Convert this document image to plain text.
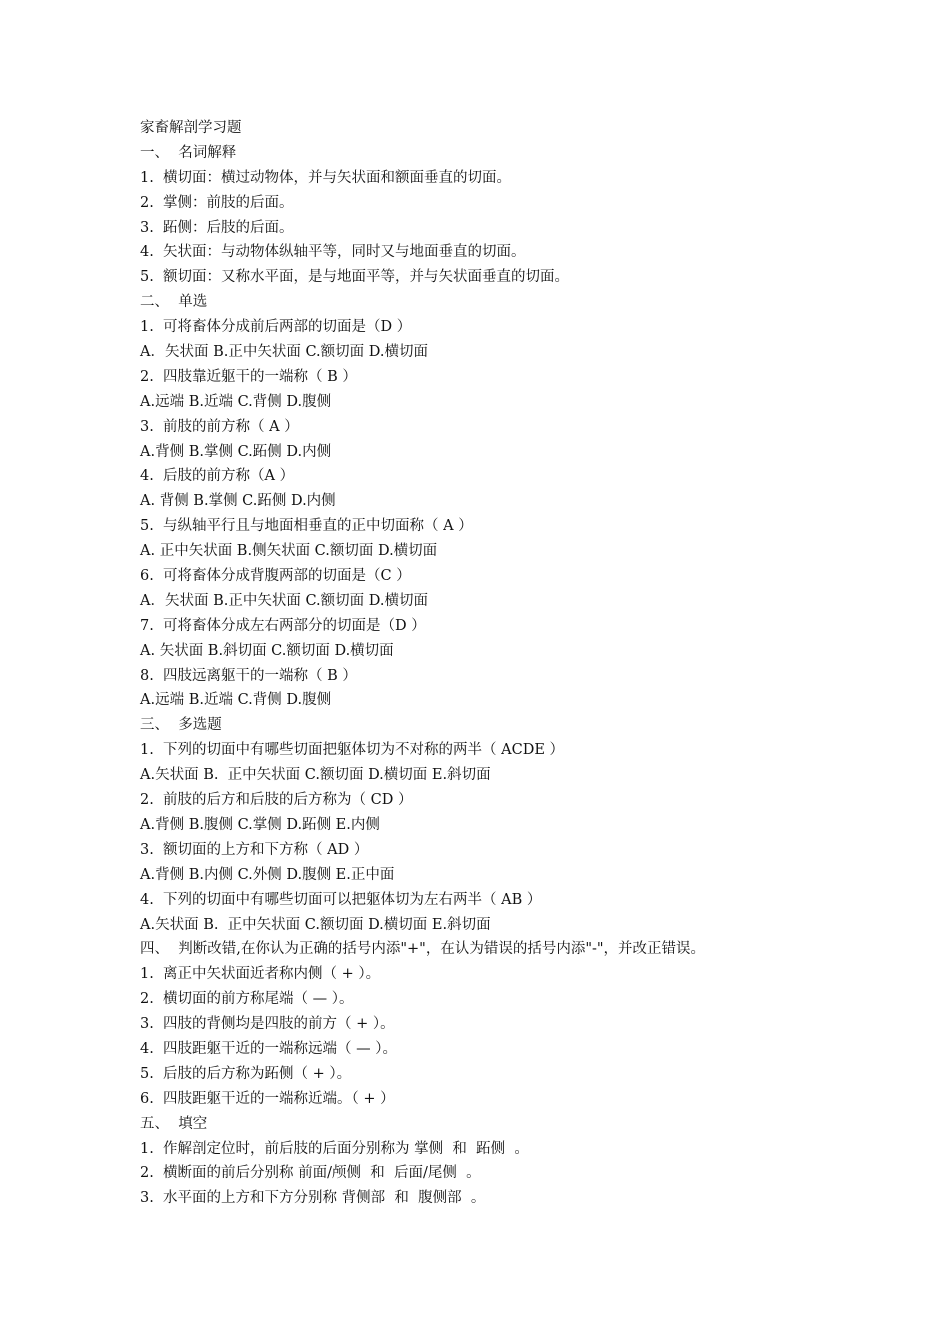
家畜解剖学习题
一、  名词解释
1.  横切面：横过动物体，并与矢状面和额面垂直的切面。
2.  掌侧：前肢的后面。
3.  跖侧：后肢的后面。
4.  矢状面：与动物体纵轴平等，同时又与地面垂直的切面。
5.  额切面：又称水平面，是与地面平等，并与矢状面垂直的切面。
二、  单选
1.  可将畜体分成前后两部的切面是（D ）
A．矢状面 B.正中矢状面 C.额切面 D.横切面
2.  四肢靠近躯干的一端称（ B ）
A.远端 B.近端 C.背侧 D.腹侧
3.  前肢的前方称（ A ）
A.背侧 B.掌侧 C.跖侧 D.内侧
4.  后肢的前方称（A ）
A. 背侧 B.掌侧 C.跖侧 D.内侧
5.  与纵轴平行且与地面相垂直的正中切面称（ A ）
A. 正中矢状面 B.侧矢状面 C.额切面 D.横切面
6.  可将畜体分成背腹两部的切面是（C ）
A．矢状面 B.正中矢状面 C.额切面 D.横切面
7.  可将畜体分成左右两部分的切面是（D ）
A. 矢状面 B.斜切面 C.额切面 D.横切面
8.  四肢远离躯干的一端称（ B ）
A.远端 B.近端 C.背侧 D.腹侧
三、  多选题
1.  下列的切面中有哪些切面把躯体切为不对称的两半（ ACDE ）
A.矢状面 B.  正中矢状面 C.额切面 D.横切面 E.斜切面
2.  前肢的后方和后肢的后方称为（ CD ）
A.背侧 B.腹侧 C.掌侧 D.跖侧 E.内侧
3.  额切面的上方和下方称（ AD ）
A.背侧 B.内侧 C.外侧 D.腹侧 E.正中面
4.  下列的切面中有哪些切面可以把躯体切为左右两半（ AB ）
A.矢状面 B.  正中矢状面 C.额切面 D.横切面 E.斜切面
四、  判断改错,在你认为正确的括号内添"+"，在认为错误的括号内添"-"，并改正错误。
1.  离正中矢状面近者称内侧（ + ）。
2.  横切面的前方称尾端（ — ）。
3.  四肢的背侧均是四肢的前方（ + ）。
4.  四肢距躯干近的一端称远端（ — ）。
5.  后肢的后方称为跖侧（ + ）。
6.  四肢距躯干近的一端称近端。（ + ）
五、  填空
1.  作解剖定位时，前后肢的后面分别称为 掌侧  和  跖侧  。
2.  横断面的前后分别称 前面/颅侧  和  后面/尾侧  。
3.  水平面的上方和下方分别称 背侧部  和  腹侧部  。
